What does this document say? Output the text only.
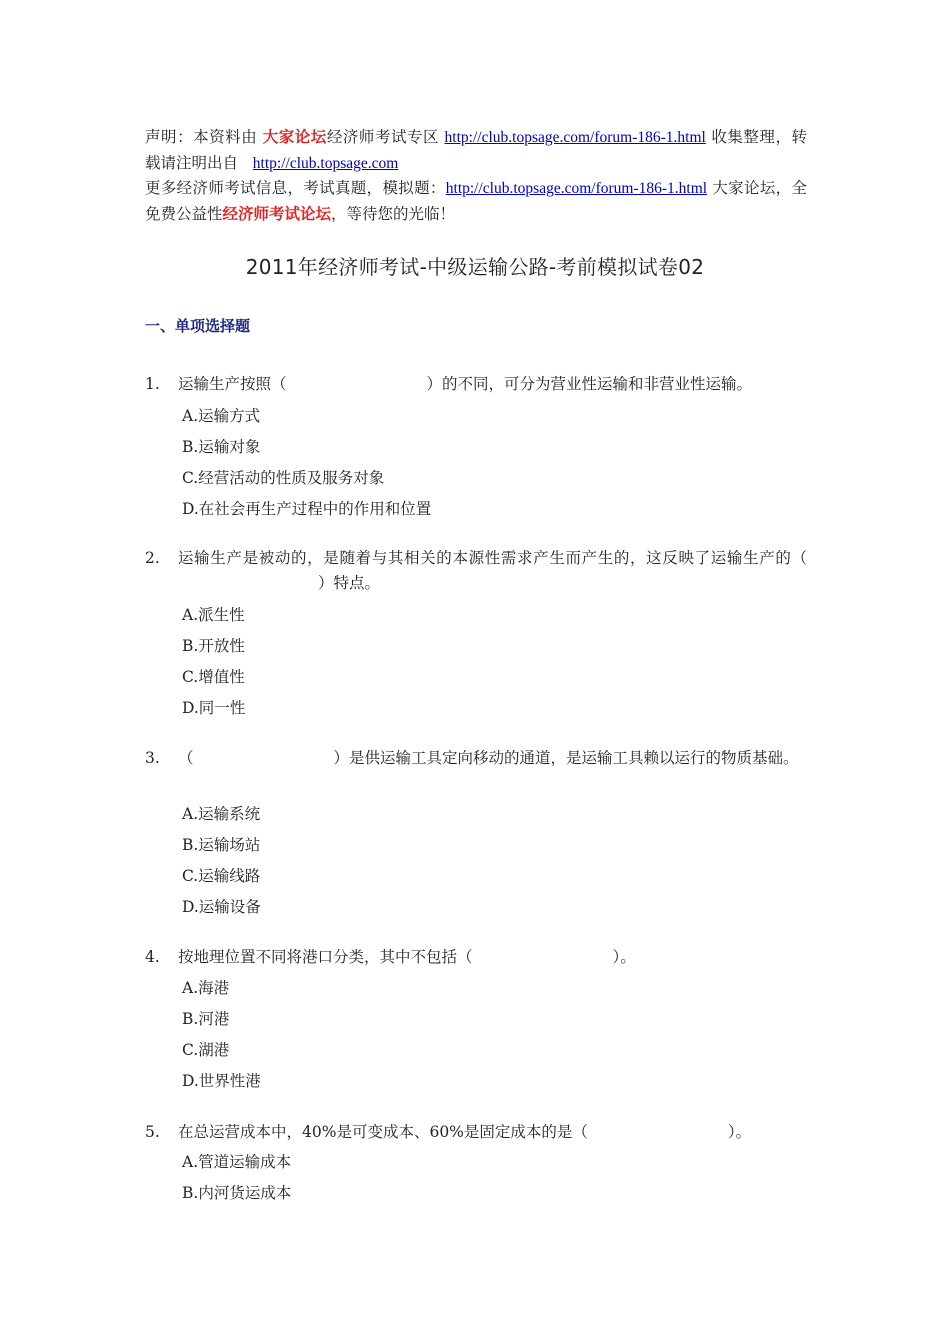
声明：本资料由 大家论坛经济师考试专区 http://club.topsage.com/forum-186-1.html 收集整理，转载请注明出自   http://club.topsage.com
更多经济师考试信息，考试真题，模拟题：http://club.topsage.com/forum-186-1.html 大家论坛，全免费公益性经济师考试论坛，等待您的光临！
2011年经济师考试-中级运输公路-考前模拟试卷02
一、单项选择题
1. 运输生产按照（	）的不同，可分为营业性运输和非营业性运输。
A.运输方式
B.运输对象
C.经营活动的性质及服务对象
D.在社会再生产过程中的作用和位置
2. 运输生产是被动的，是随着与其相关的本源性需求产生而产生的，这反映了运输生产的（）特点。
A.派生性
B.开放性
C.增值性
D.同一性
3. （	）是供运输工具定向移动的通道，是运输工具赖以运行的物质基础。
A.运输系统
B.运输场站
C.运输线路
D.运输设备
4. 按地理位置不同将港口分类，其中不包括（	）。
A.海港
B.河港
C.湖港
D.世界性港
5. 在总运营成本中，40%是可变成本、60%是固定成本的是（	）。
A.管道运输成本
B.内河货运成本
